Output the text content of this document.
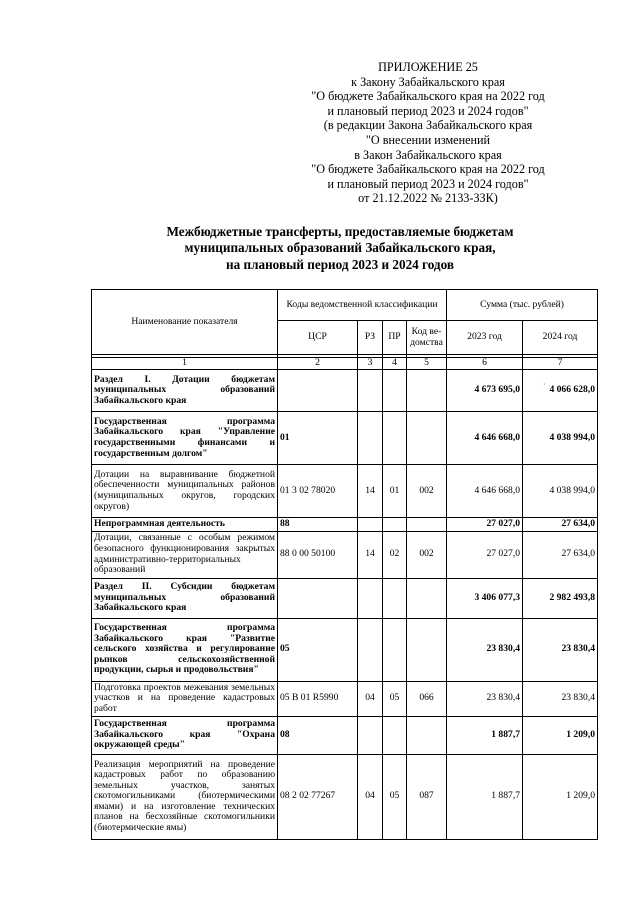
ПРИЛОЖЕНИЕ 25
к Закону Забайкальского края
"О бюджете Забайкальского края на 2022 год
и плановый период 2023 и 2024 годов"
(в редакции Закона Забайкальского края
"О внесении изменений
в Закон Забайкальского края
"О бюджете Забайкальского края на 2022 год
и плановый период 2023 и 2024 годов"
от 21.12.2022 № 2133-ЗЗК)
Межбюджетные трансферты, предоставляемые бюджетам
муниципальных образований Забайкальского края,
на плановый период 2023 и 2024 годов
·
Наименование показателя	Коды ведомственной классификации				Сумма (тыс. рублей)	
	ЦСР	РЗ	ПР	Код ве- домства	2023 год	2024 год

1	2	3	4	5	6	7
Раздел I. Дотации бюджетам муниципальных образований Забайкальского края					4 673 695,0	4 066 628,0
Государственная программа Забайкальского края "Управление государственными финансами и государственным долгом"	01				4 646 668,0	4 038 994,0
Дотации на выравнивание бюджетной обеспеченности муниципальных районов (муниципальных округов, городских округов)	01 3 02 78020	14	01	002	4 646 668,0	4 038 994,0
Непрограммная деятельность	88				27 027,0	27 634,0
Дотации, связанные с особым режимом безопасного функционирования закрытых административно-территориальных образований	88 0 00 50100	14	02	002	27 027,0	27 634,0
Раздел II. Субсидии бюджетам муниципальных образований Забайкальского края					3 406 077,3	2 982 493,8
Государственная программа Забайкальского края "Развитие сельского хозяйства и регулирование рынков сельскохозяйственной продукции, сырья и продовольствия"	05				23 830,4	23 830,4
Подготовка проектов межевания земельных участков и на проведение кадастровых работ	05 В 01 R5990	04	05	066	23 830,4	23 830,4
Государственная программа Забайкальского края "Охрана окружающей среды"	08				1 887,7	1 209,0
Реализация мероприятий на проведение кадастровых работ по образованию земельных участков, занятых скотомогильниками (биотермическими ямами) и на изготовление технических планов на бесхозяйные скотомогильники (биотермические ямы)	08 2 02 77267	04	05	087	1 887,7	1 209,0
